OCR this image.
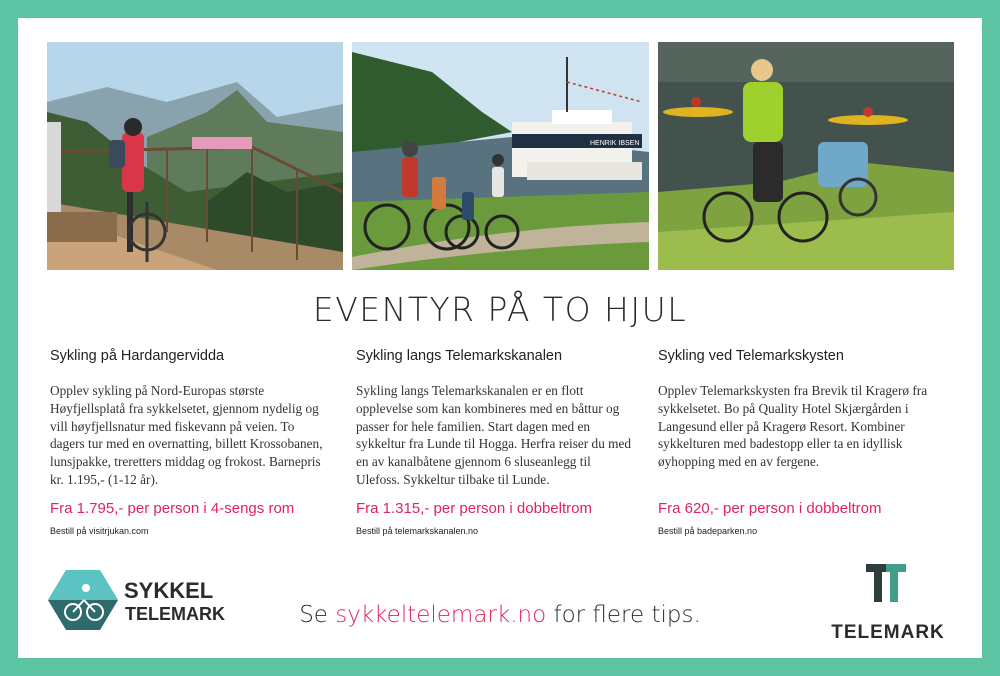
HENRIK IBSEN
EVENTYR PÅ TO HJUL
Sykling på Hardangervidda

Opplev sykling på Nord-Europas største Høyfjellsplatå fra sykkelsetet, gjennom nydelig og vill høyfjellsnatur med fiskevann på veien. To dagers tur med en overnatting, billett Krossobanen, lunsjpakke, treretters middag og frokost. Barnepris kr. 1.195,- (1-12 år).

Sykling langs Telemarkskanalen

Sykling langs Telemarkskanalen er en flott opplevelse som kan kombineres med en båttur og passer for hele familien. Start dagen med en sykkeltur fra Lunde til Hogga. Herfra reiser du med en av kanalbåtene gjennom 6 sluseanlegg til Ulefoss. Sykkeltur tilbake til Lunde.

Sykling ved Telemarkskysten

Opplev Telemarkskysten fra Brevik til Kragerø fra sykkelsetet. Bo på Quality Hotel Skjærgården i Langesund eller på Kragerø Resort. Kombiner sykkelturen med badestopp eller ta en idyllisk øyhopping med en av fergene.

Fra 1.795,- per person i 4-sengs rom	Fra 1.315,- per person i dobbeltrom	Fra 620,- per person i dobbeltrom
Bestill på visitrjukan.com	Bestill på telemarkskanalen.no	Bestill på badeparken.no
SYKKEL
TELEMARK	Se sykkeltelemark.no for flere tips.
TELEMARK
